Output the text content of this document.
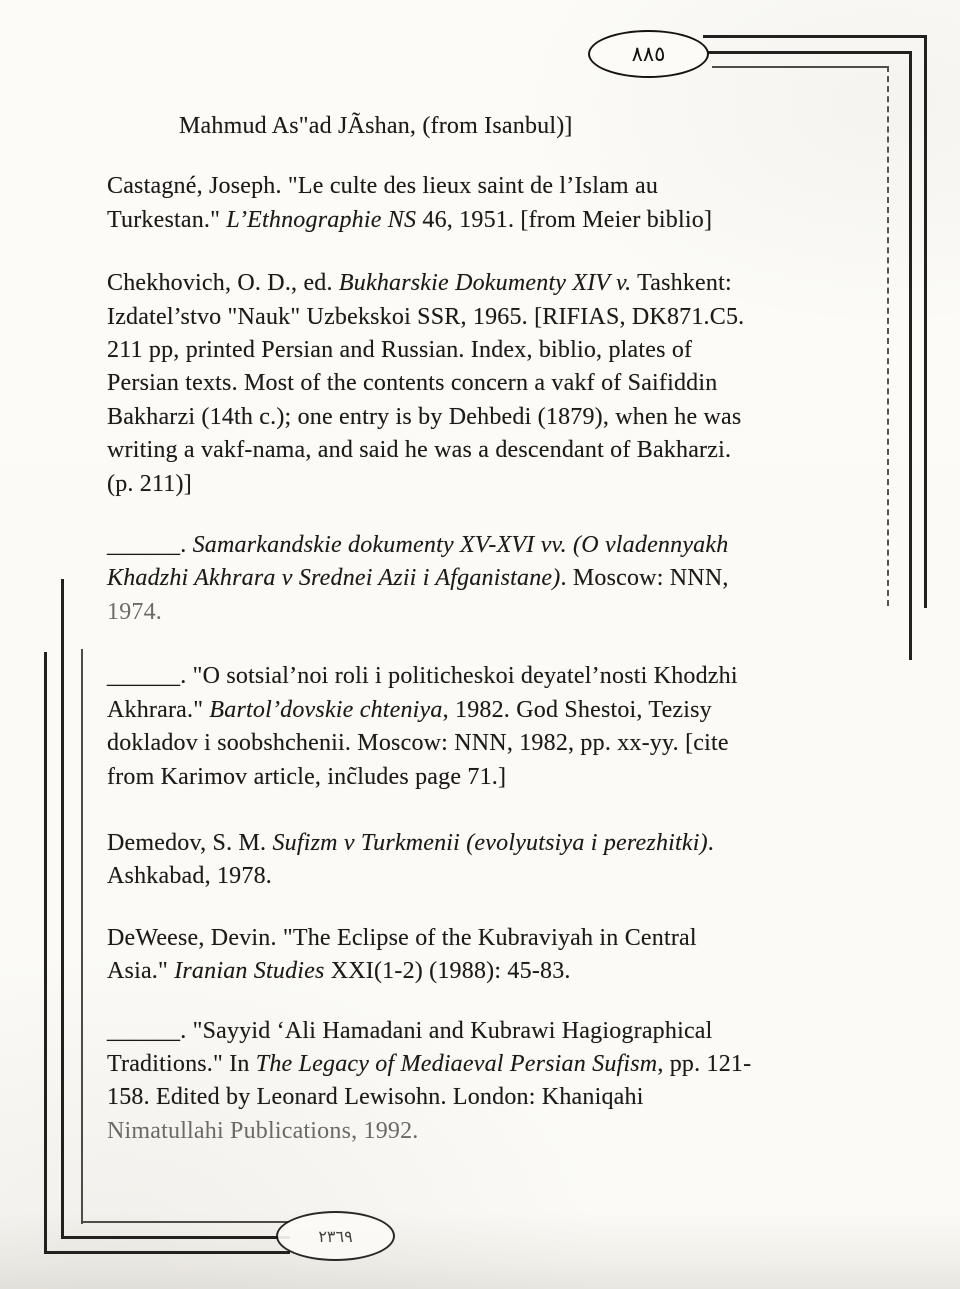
٨٨٥
٢٣٦٩
Mahmud As"ad JÃshan, (from Isanbul)]
Castagné, Joseph. "Le culte des lieux saint de l’Islam au
Turkestan." L’Ethnographie NS 46, 1951. [from Meier biblio]
Chekhovich, O. D., ed. Bukharskie Dokumenty XIV v. Tashkent:
Izdatel’stvo "Nauk" Uzbekskoi SSR, 1965. [RIFIAS, DK871.C5.
211 pp, printed Persian and Russian. Index, biblio, plates of
Persian texts. Most of the contents concern a vakf of Saifiddin
Bakharzi (14th c.); one entry is by Dehbedi (1879), when he was
writing a vakf-nama, and said he was a descendant of Bakharzi.
(p. 211)]
______. Samarkandskie dokumenty XV-XVI vv. (O vladennyakh
Khadzhi Akhrara v Srednei Azii i Afganistane). Moscow: NNN,
1974.
______. "O sotsial’noi roli i politicheskoi deyatel’nosti Khodzhi
Akhrara." Bartol’dovskie chteniya, 1982. God Shestoi, Tezisy
dokladov i soobshchenii. Moscow: NNN, 1982, pp. xx-yy. [cite
from Karimov article, inc̃ludes page 71.]
Demedov, S. M. Sufizm v Turkmenii (evolyutsiya i perezhitki).
Ashkabad, 1978.
DeWeese, Devin. "The Eclipse of the Kubraviyah in Central
Asia." Iranian Studies XXI(1-2) (1988): 45-83.
______. "Sayyid ‘Ali Hamadani and Kubrawi Hagiographical
Traditions." In The Legacy of Mediaeval Persian Sufism, pp. 121-
158. Edited by Leonard Lewisohn. London: Khaniqahi
Nimatullahi Publications, 1992.
